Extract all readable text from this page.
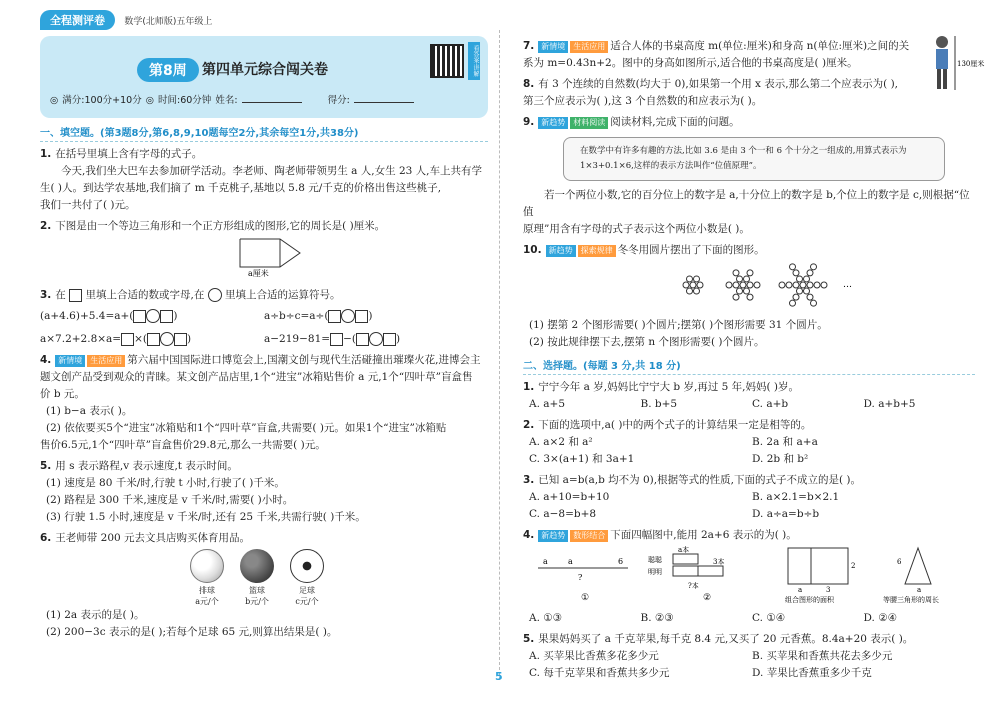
全程测评卷 数学(北师版)五年级上
第8周	第四单元综合闯关卷	看答案·讲解
◎ 满分:100分+10分 ◎ 时间:60分钟 姓名:	得分:
一、填空题。(第3题8分,第6,8,9,10题每空2分,其余每空1分,共38分)
1. 在括号里填上含有字母的式子。
今天,我们坐大巴车去参加研学活动。李老师、陶老师带领男生 a 人,女生 23 人,车上共有学
生( )人。到达学农基地,我们摘了 m 千克桃子,基地以 5.8 元/千克的价格出售这些桃子,
我们一共付了( )元。
2. 下图是由一个等边三角形和一个正方形组成的图形,它的周长是( )厘米。
a厘米
3. 在 里填上合适的数或字母,在 里填上合适的运算符号。
(a+4.6)+5.4=a+(	)	a÷b÷c=a÷(	)
a×7.2+2.8×a= ×(	)	a−219−81= −(	)
4. 新情境 生活应用 第六届中国国际进口博览会上,国潮文创与现代生活碰撞出璀璨火花,进博会主
题文创产品受到观众的青睐。某文创产品店里,1个“进宝”冰箱贴售价 a 元,1个“四叶草”盲盒售
价 b 元。
(1) b−a 表示( )。
(2) 依依要买5个“进宝”冰箱贴和1个“四叶草”盲盒,共需要( )元。如果1个“进宝”冰箱贴
售价6.5元,1个“四叶草”盲盒售价29.8元,那么一共需要( )元。
5. 用 s 表示路程,v 表示速度,t 表示时间。
(1) 速度是 80 千米/时,行驶 t 小时,行驶了( )千米。
(2) 路程是 300 千米,速度是 v 千米/时,需要( )小时。
(3) 行驶 1.5 小时,速度是 v 千米/时,还有 25 千米,共需行驶( )千米。
6. 王老师带 200 元去文具店购买体育用品。
排球
a元/个
篮球
b元/个
足球
c元/个
(1) 2a 表示的是( )。
(2) 200−3c 表示的是( );若每个足球 65 元,则算出结果是( )。
7. 新情境 生活应用 适合人体的书桌高度 m(单位:厘米)和身高 n(单位:厘米)之间的关
系为 m=0.43n+2。图中的身高如图所示,适合他的书桌高度是( )厘米。	130厘米
8. 有 3 个连续的自然数(均大于 0),如果第一个用 x 表示,那么第二个应表示为( ),
第三个应表示为( ),这 3 个自然数的和应表示为( )。
9. 新趋势 材料阅读 阅读材料,完成下面的问题。
在数学中有许多有趣的方法,比如 3.6 是由 3 个一和 6 个十分之一组成的,用算式表示为 1×3+0.1×6,这样的表示方法叫作“位值原理”。
若一个两位小数,它的百分位上的数字是 a,十分位上的数字是 b,个位上的数字是 c,则根据“位值
原理”用含有字母的式子表示这个两位小数是( )。
10. 新趋势 探索规律 冬冬用圆片摆出了下面的图形。
…
(1) 摆第 2 个图形需要( )个圆片;摆第( )个图形需要 31 个圆片。
(2) 按此规律摆下去,摆第 n 个图形需要( )个圆片。
二、选择题。(每题 3 分,共 18 分)
1. 宁宁今年 a 岁,妈妈比宁宁大 b 岁,再过 5 年,妈妈( )岁。
A. a+5	B. b+5	C. a+b	D. a+b+5
2. 下面的选项中,a( )中的两个式子的计算结果一定是相等的。
A. a×2 和 a²	B. 2a 和 a+a
C. 3×(a+1) 和 3a+1	D. 2b 和 b²
3. 已知 a=b(a,b 均不为 0),根据等式的性质,下面的式子不成立的是( )。
A. a+10=b+10	B. a×2.1=b×2.1
C. a−8=b+8	D. a÷a=b÷b
4. 新趋势 数形结合 下面四幅图中,能用 2a+6 表示的为( )。
a	a	6
?
①
聪聪
明明
a本
3本
?本
②
a	3
2
组合图形的面积
6
a
等腰三角形的周长
A. ①③	B. ②③	C. ①④	D. ②④
5. 果果妈妈买了 a 千克苹果,每千克 8.4 元,又买了 20 元香蕉。8.4a+20 表示( )。
A. 买苹果比香蕉多花多少元	B. 买苹果和香蕉共花去多少元
C. 每千克苹果和香蕉共多少元	D. 苹果比香蕉重多少千克
5
